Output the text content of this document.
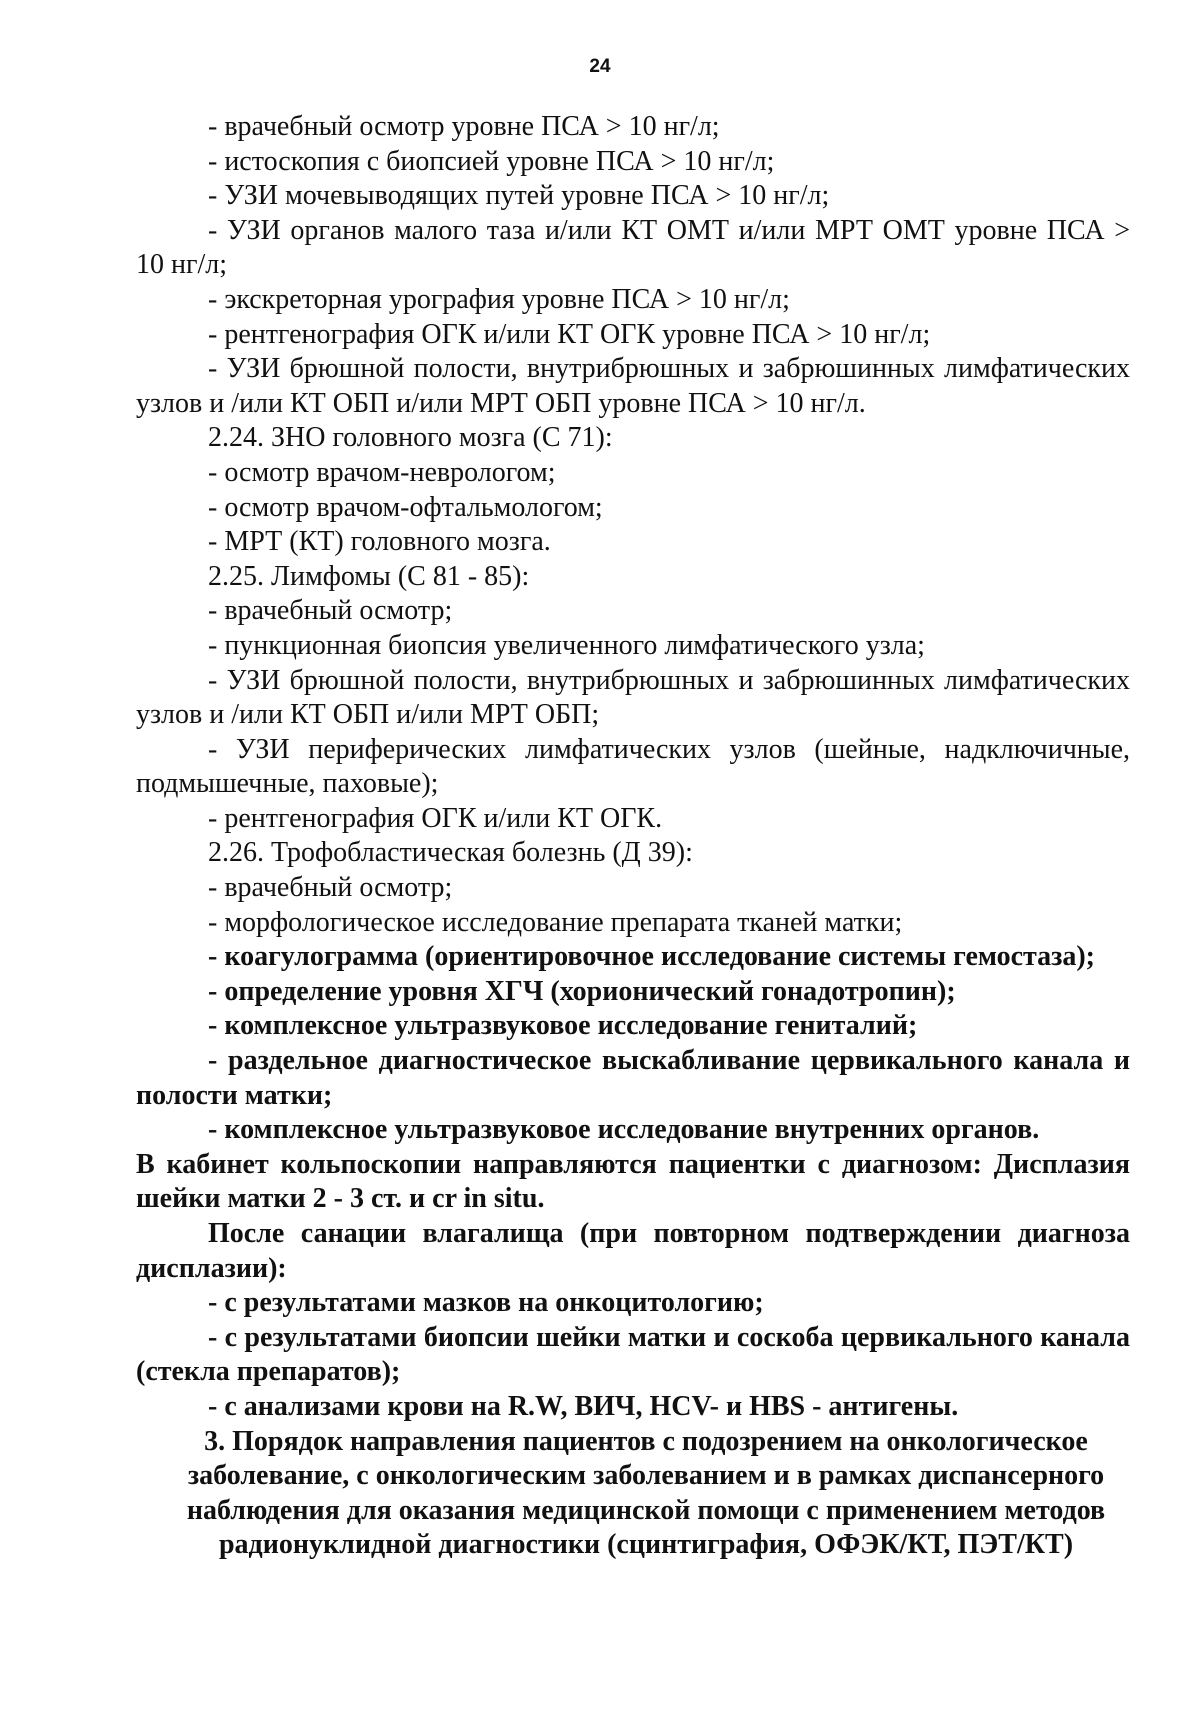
24

- врачебный осмотр уровне ПСА > 10 нг/л;

- истоскопия с биопсией уровне ПСА > 10 нг/л;

- УЗИ мочевыводящих путей уровне ПСА > 10 нг/л;

- УЗИ органов малого таза и/или КТ ОМТ и/или МРТ ОМТ уровне ПСА > 10 нг/л;

- экскреторная урография уровне ПСА > 10 нг/л;

- рентгенография ОГК и/или КТ ОГК уровне ПСА > 10 нг/л;

- УЗИ брюшной полости, внутрибрюшных и забрюшинных лимфатических узлов и /или КТ ОБП и/или МРТ ОБП уровне ПСА > 10 нг/л.

2.24. ЗНО головного мозга (С 71):

- осмотр врачом-неврологом;

- осмотр врачом-офтальмологом;

- МРТ (КТ) головного мозга.

2.25. Лимфомы (С 81 - 85):

- врачебный осмотр;

- пункционная биопсия увеличенного лимфатического узла;

- УЗИ брюшной полости, внутрибрюшных и забрюшинных лимфатических узлов и /или КТ ОБП и/или МРТ ОБП;

- УЗИ периферических лимфатических узлов (шейные, надключичные, подмышечные, паховые);

- рентгенография ОГК и/или КТ ОГК.

2.26. Трофобластическая болезнь (Д 39):

- врачебный осмотр;

- морфологическое исследование препарата тканей матки;

- коагулограмма (ориентировочное исследование системы гемостаза);

- определение уровня ХГЧ (хорионический гонадотропин);

- комплексное ультразвуковое исследование гениталий;

- раздельное диагностическое выскабливание цервикального канала и полости матки;

- комплексное ультразвуковое исследование внутренних органов.

В кабинет кольпоскопии направляются пациентки с диагнозом: Дисплазия шейки матки 2 - 3 ст. и cr in situ.

После санации влагалища (при повторном подтверждении диагноза дисплазии):

- с результатами мазков на онкоцитологию;

- с результатами биопсии шейки матки и соскоба цервикального канала (стекла препаратов);

- с анализами крови на R.W, ВИЧ, HCV- и HBS - антигены.

3. Порядок направления пациентов с подозрением на онкологическое заболевание, с онкологическим заболеванием и в рамках диспансерного наблюдения для оказания медицинской помощи с применением методов радионуклидной диагностики (сцинтиграфия, ОФЭК/КТ, ПЭТ/КТ)
